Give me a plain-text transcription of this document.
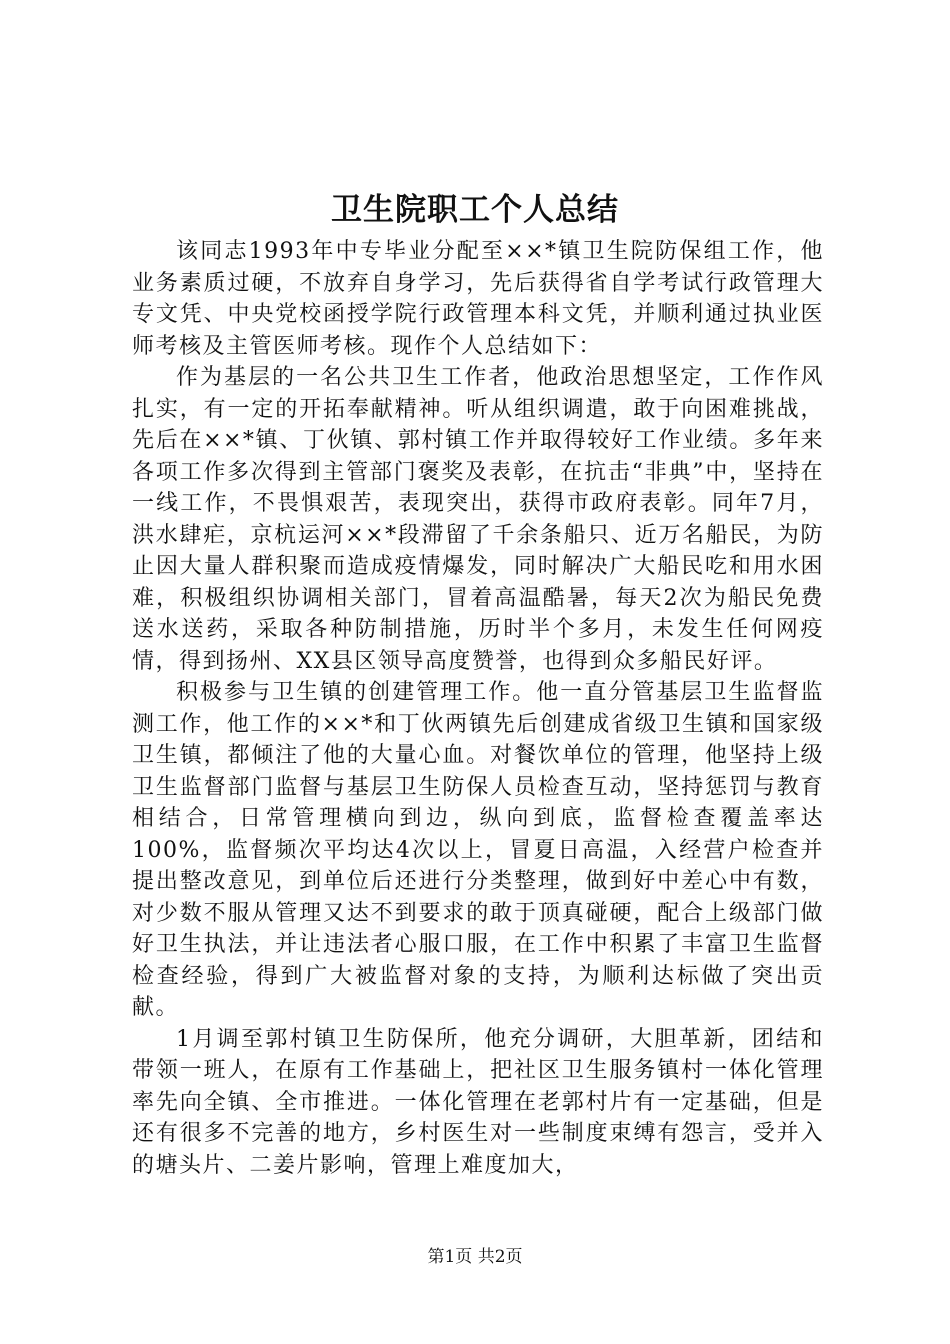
卫生院职工个人总结

该同志1993年中专毕业分配至××*镇卫生院防保组工作，他业务素质过硬，不放弃自身学习，先后获得省自学考试行政管理大专文凭、中央党校函授学院行政管理本科文凭，并顺利通过执业医师考核及主管医师考核。现作个人总结如下：

作为基层的一名公共卫生工作者，他政治思想坚定，工作作风扎实，有一定的开拓奉献精神。听从组织调遣，敢于向困难挑战，先后在××*镇、丁伙镇、郭村镇工作并取得较好工作业绩。多年来各项工作多次得到主管部门褒奖及表彰，在抗击“非典”中，坚持在一线工作，不畏惧艰苦，表现突出，获得市政府表彰。同年7月，洪水肆疟，京杭运河××*段滞留了千余条船只、近万名船民，为防止因大量人群积聚而造成疫情爆发，同时解决广大船民吃和用水困难，积极组织协调相关部门，冒着高温酷暑，每天2次为船民免费送水送药，采取各种防制措施，历时半个多月，未发生任何网疫情，得到扬州、XX县区领导高度赞誉，也得到众多船民好评。

积极参与卫生镇的创建管理工作。他一直分管基层卫生监督监测工作，他工作的××*和丁伙两镇先后创建成省级卫生镇和国家级卫生镇，都倾注了他的大量心血。对餐饮单位的管理，他坚持上级卫生监督部门监督与基层卫生防保人员检查互动，坚持惩罚与教育相结合，日常管理横向到边，纵向到底，监督检查覆盖率达100%，监督频次平均达4次以上，冒夏日高温，入经营户检查并提出整改意见，到单位后还进行分类整理，做到好中差心中有数，对少数不服从管理又达不到要求的敢于顶真碰硬，配合上级部门做好卫生执法，并让违法者心服口服，在工作中积累了丰富卫生监督检查经验，得到广大被监督对象的支持，为顺利达标做了突出贡献。

1月调至郭村镇卫生防保所，他充分调研，大胆革新，团结和带领一班人，在原有工作基础上，把社区卫生服务镇村一体化管理率先向全镇、全市推进。一体化管理在老郭村片有一定基础，但是还有很多不完善的地方，乡村医生对一些制度束缚有怨言，受并入的塘头片、二姜片影响，管理上难度加大，

第1页 共2页
